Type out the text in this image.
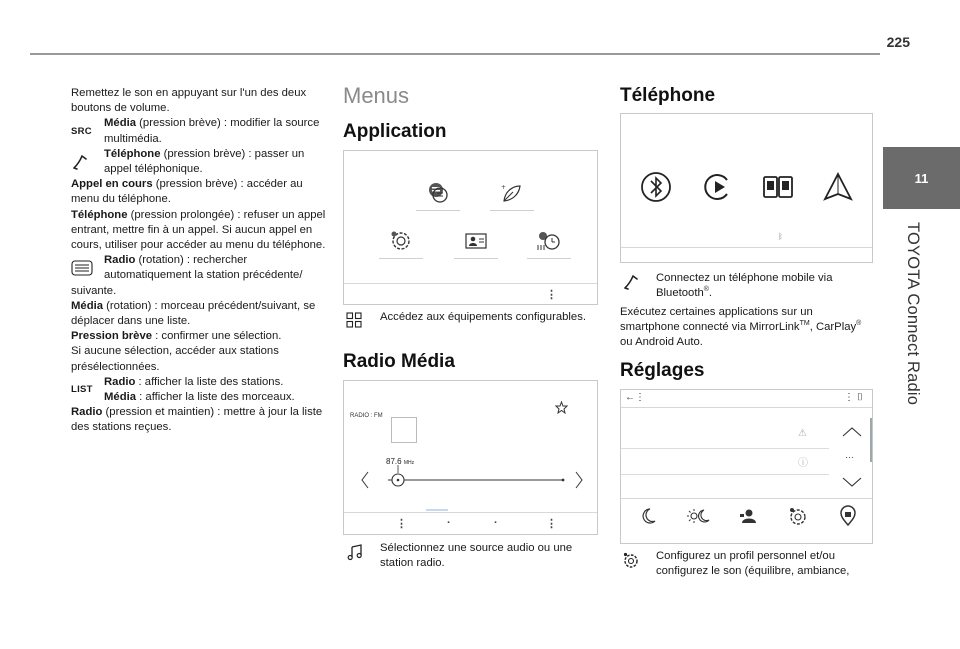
225
11
TOYOTA Connect Radio

Remettez le son en appuyant sur l'un des deux boutons de volume.

SRC
Média (pression brève) : modifier la source multimédia.
Téléphone (pression brève) : passer un appel téléphonique.

Appel en cours (pression brève) : accéder au menu du téléphone.

Téléphone (pression prolongée) : refuser un appel entrant, mettre fin à un appel. Si aucun appel en cours, utiliser pour accéder au menu du téléphone.

Radio (rotation) : rechercher automatiquement la station précédente/

suivante.

Média (rotation) : morceau précédent/suivant, se déplacer dans une liste.

Pression brève : confirmer une sélection.

Si aucune sélection, accéder aux stations présélectionnées.

LIST
Radio : afficher la liste des stations.
Média : afficher la liste des morceaux.

Radio (pression et maintien) : mettre à jour la liste des stations reçues.

Menus
Application
+
⋮
Accédez aux équipements configurables.
Radio Média
RADIO : FM
87.6 MHz
⋮	·	·	⋮
Sélectionnez une source audio ou une station radio.
Téléphone
ᛒ
Connectez un téléphone mobile via Bluetooth®.
Exécutez certaines applications sur un smartphone connecté via MirrorLink™, CarPlay® ou Android Auto.
Réglages
←⋮	⋮ ⌷
⚠
ⓘ
…
Configurez un profil personnel et/ou configurez le son (équilibre, ambiance,
